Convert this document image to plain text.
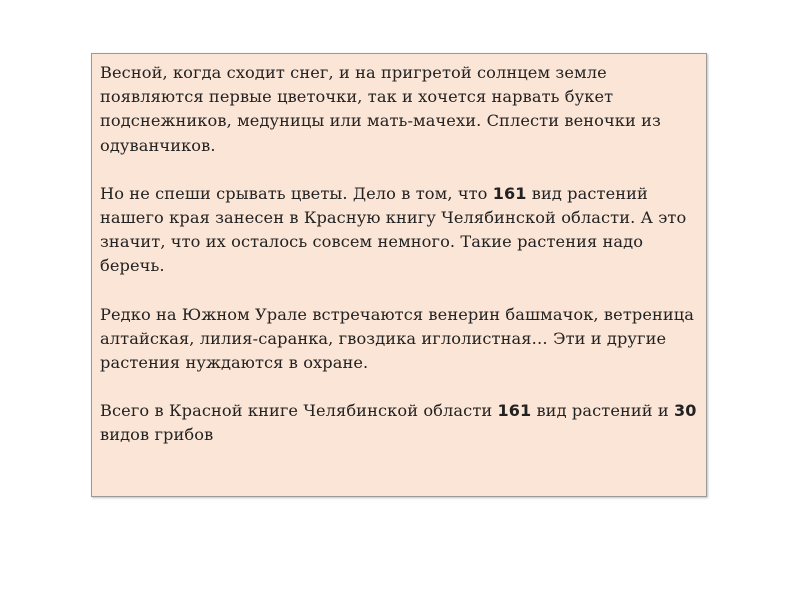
Весной, когда сходит снег, и на пригретой солнцем земле появляются первые цветочки, так и хочется нарвать букет подснежников, медуницы или мать-мачехи. Сплести веночки из одуванчиков.

Но не спеши срывать цветы. Дело в том, что 161 вид растений нашего края занесен в Красную книгу Челябинской области. А это значит, что их осталось совсем немного. Такие растения надо беречь.

Редко на Южном Урале встречаются венерин башмачок, ветреница алтайская, лилия-саранка, гвоздика иглолистная… Эти и другие растения нуждаются в охране.

Всего в Красной книге Челябинской области 161 вид растений и 30 видов грибов
